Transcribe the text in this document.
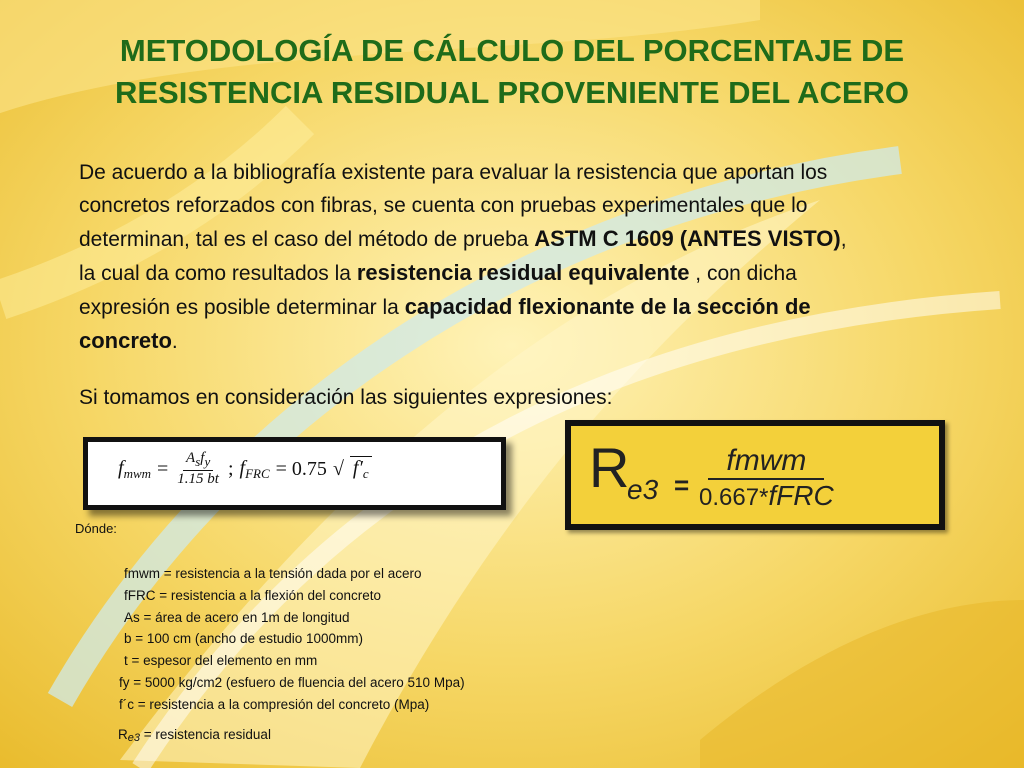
METODOLOGÍA DE CÁLCULO DEL PORCENTAJE DE
RESISTENCIA RESIDUAL PROVENIENTE DEL ACERO
De acuerdo a la bibliografía existente para evaluar la resistencia que aportan los
concretos reforzados con fibras, se cuenta con pruebas experimentales que lo
determinan, tal es el caso del método de prueba ASTM C 1609 (ANTES VISTO),
la cual da como resultados la resistencia residual equivalente , con dicha
expresión es posible determinar la capacidad flexionante de la sección de
concreto.
Si tomamos en consideración las siguientes expresiones:
$f_{mwm} = \frac{\text{Asfy}}{1.15 bt}$ ; $f_{FRC} = 0.75$ √ $f'_c$	R
e3 =
fmwm
0.667*fFRC
Dónde:
fmwm = resistencia a la tensión dada por el acero
fFRC = resistencia a la flexión del concreto
As = área de acero en 1m de longitud
b = 100 cm (ancho de estudio 1000mm)
t = espesor del elemento en mm
fy = 5000 kg/cm2 (esfuero de fluencia del acero 510 Mpa)
f´c = resistencia a la compresión del concreto (Mpa)
Re3 = resistencia residual
